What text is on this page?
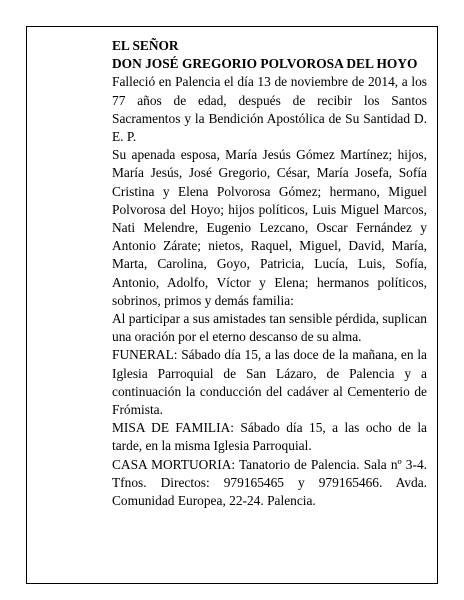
EL SEÑOR
DON JOSÉ GREGORIO POLVOROSA DEL HOYO

Falleció en Palencia el día 13 de noviembre de 2014, a los 77 años de edad, después de recibir los Santos Sacramentos y la Bendición Apostólica de Su Santidad D. E. P.

Su apenada esposa, María Jesús Gómez Martínez; hijos, María Jesús, José Gregorio, César, María Josefa, Sofía Cristina y Elena Polvorosa Gómez; hermano, Miguel Polvorosa del Hoyo; hijos políticos, Luis Miguel Marcos, Nati Melendre, Eugenio Lezcano, Oscar Fernández y Antonio Zárate; nietos, Raquel, Miguel, David, María, Marta, Carolina, Goyo, Patricia, Lucía, Luis, Sofía, Antonio, Adolfo, Víctor y Elena; hermanos políticos, sobrinos, primos y demás familia:

Al participar a sus amistades tan sensible pérdida, suplican una oración por el eterno descanso de su alma.

FUNERAL: Sábado día 15, a las doce de la mañana, en la Iglesia Parroquial de San Lázaro, de Palencia y a continuación la conducción del cadáver al Cementerio de Frómista.

MISA DE FAMILIA: Sábado día 15, a las ocho de la tarde, en la misma Iglesia Parroquial.

CASA MORTUORIA: Tanatorio de Palencia. Sala nº 3-4. Tfnos. Directos: 979165465 y 979165466. Avda. Comunidad Europea, 22-24. Palencia.
